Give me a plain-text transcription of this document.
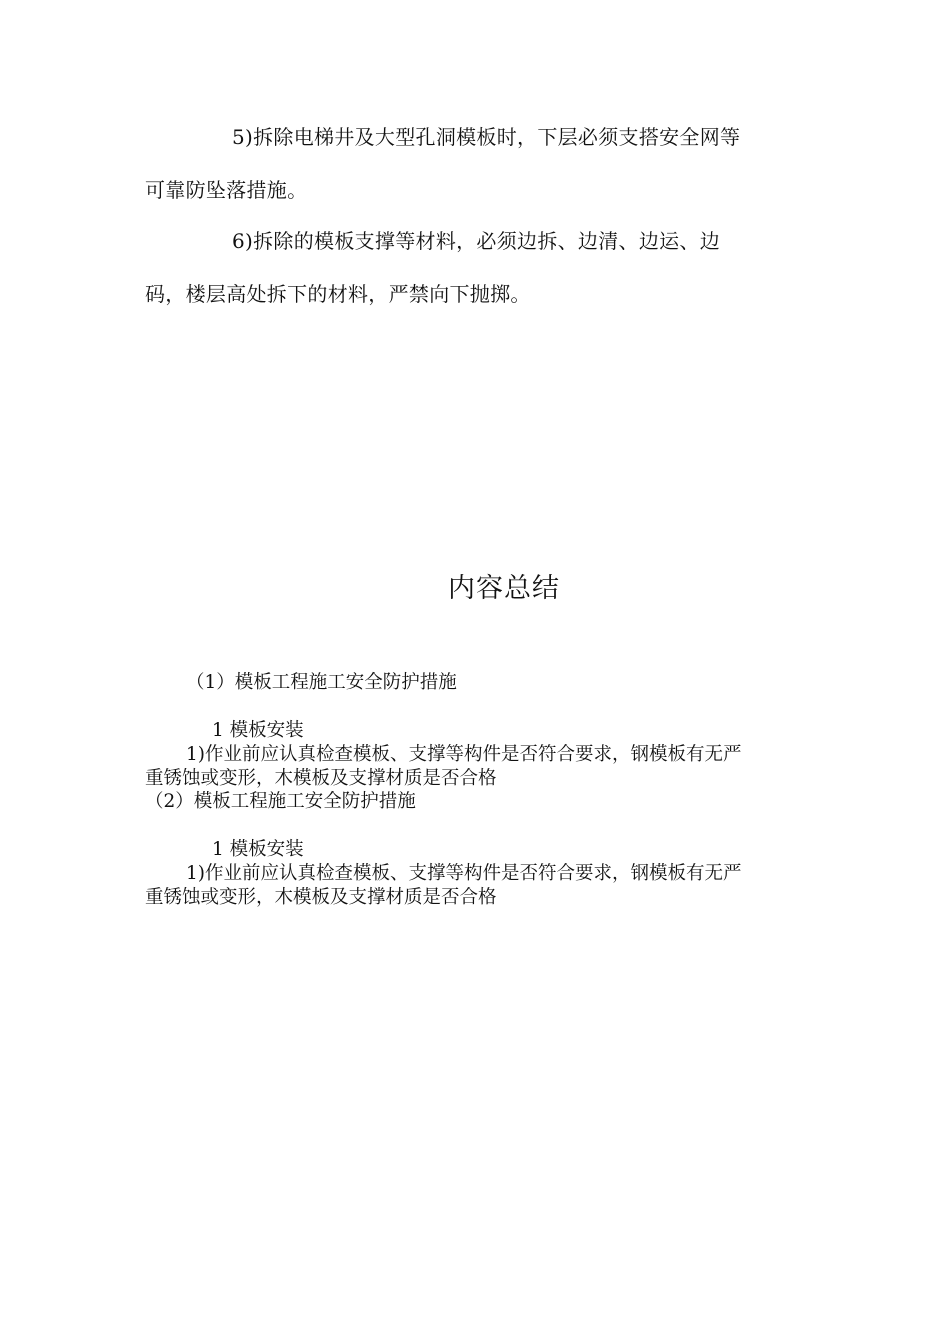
5)拆除电梯井及大型孔洞模板时，下层必须支搭安全网等
可靠防坠落措施。
6)拆除的模板支撑等材料，必须边拆、边清、边运、边
码，楼层高处拆下的材料，严禁向下抛掷。
内容总结
（1）模板工程施工安全防护措施
1 模板安装
1)作业前应认真检查模板、支撑等构件是否符合要求，钢模板有无严
重锈蚀或变形，木模板及支撑材质是否合格
（2）模板工程施工安全防护措施
1 模板安装
1)作业前应认真检查模板、支撑等构件是否符合要求，钢模板有无严
重锈蚀或变形，木模板及支撑材质是否合格
